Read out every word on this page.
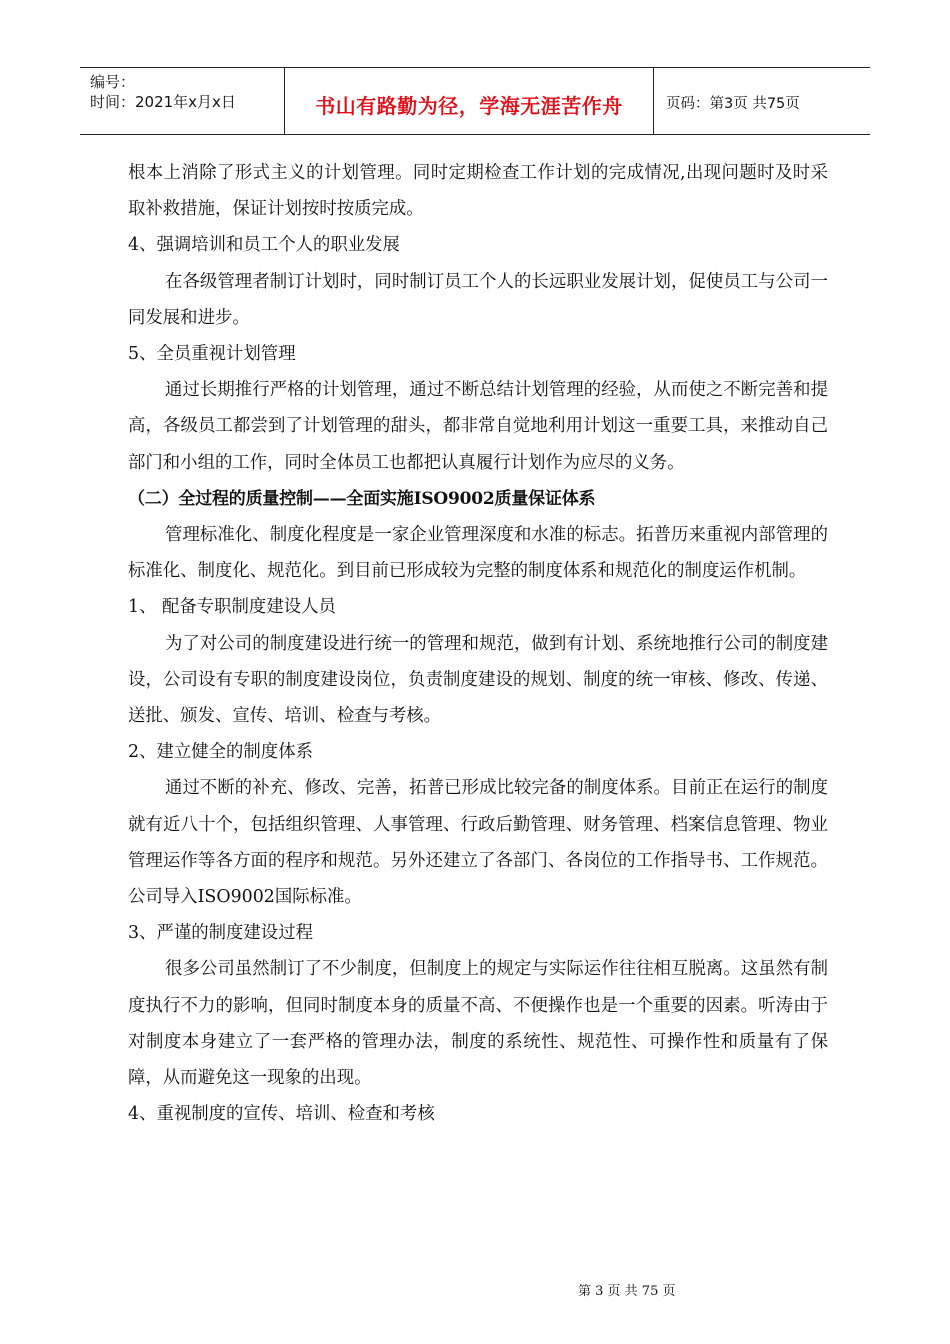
编号：
时间：2021年x月x日	书山有路勤为径，学海无涯苦作舟	页码：第3页 共75页

根本上消除了形式主义的计划管理。同时定期检查工作计划的完成情况,出现问题时及时采取补救措施，保证计划按时按质完成。

4、强调培训和员工个人的职业发展

在各级管理者制订计划时，同时制订员工个人的长远职业发展计划，促使员工与公司一同发展和进步。

5、全员重视计划管理

通过长期推行严格的计划管理，通过不断总结计划管理的经验，从而使之不断完善和提高，各级员工都尝到了计划管理的甜头，都非常自觉地利用计划这一重要工具，来推动自己部门和小组的工作，同时全体员工也都把认真履行计划作为应尽的义务。

（二）全过程的质量控制——全面实施ISO9002质量保证体系

管理标准化、制度化程度是一家企业管理深度和水准的标志。拓普历来重视内部管理的标准化、制度化、规范化。到目前已形成较为完整的制度体系和规范化的制度运作机制。

1、 配备专职制度建设人员

为了对公司的制度建设进行统一的管理和规范，做到有计划、系统地推行公司的制度建设，公司设有专职的制度建设岗位，负责制度建设的规划、制度的统一审核、修改、传递、送批、颁发、宣传、培训、检查与考核。

2、建立健全的制度体系

通过不断的补充、修改、完善，拓普已形成比较完备的制度体系。目前正在运行的制度就有近八十个，包括组织管理、人事管理、行政后勤管理、财务管理、档案信息管理、物业管理运作等各方面的程序和规范。另外还建立了各部门、各岗位的工作指导书、工作规范。公司导入ISO9002国际标准。

3、严谨的制度建设过程

很多公司虽然制订了不少制度，但制度上的规定与实际运作往往相互脱离。这虽然有制度执行不力的影响，但同时制度本身的质量不高、不便操作也是一个重要的因素。听涛由于对制度本身建立了一套严格的管理办法，制度的系统性、规范性、可操作性和质量有了保障，从而避免这一现象的出现。

4、重视制度的宣传、培训、检查和考核

第 3 页 共 75 页
